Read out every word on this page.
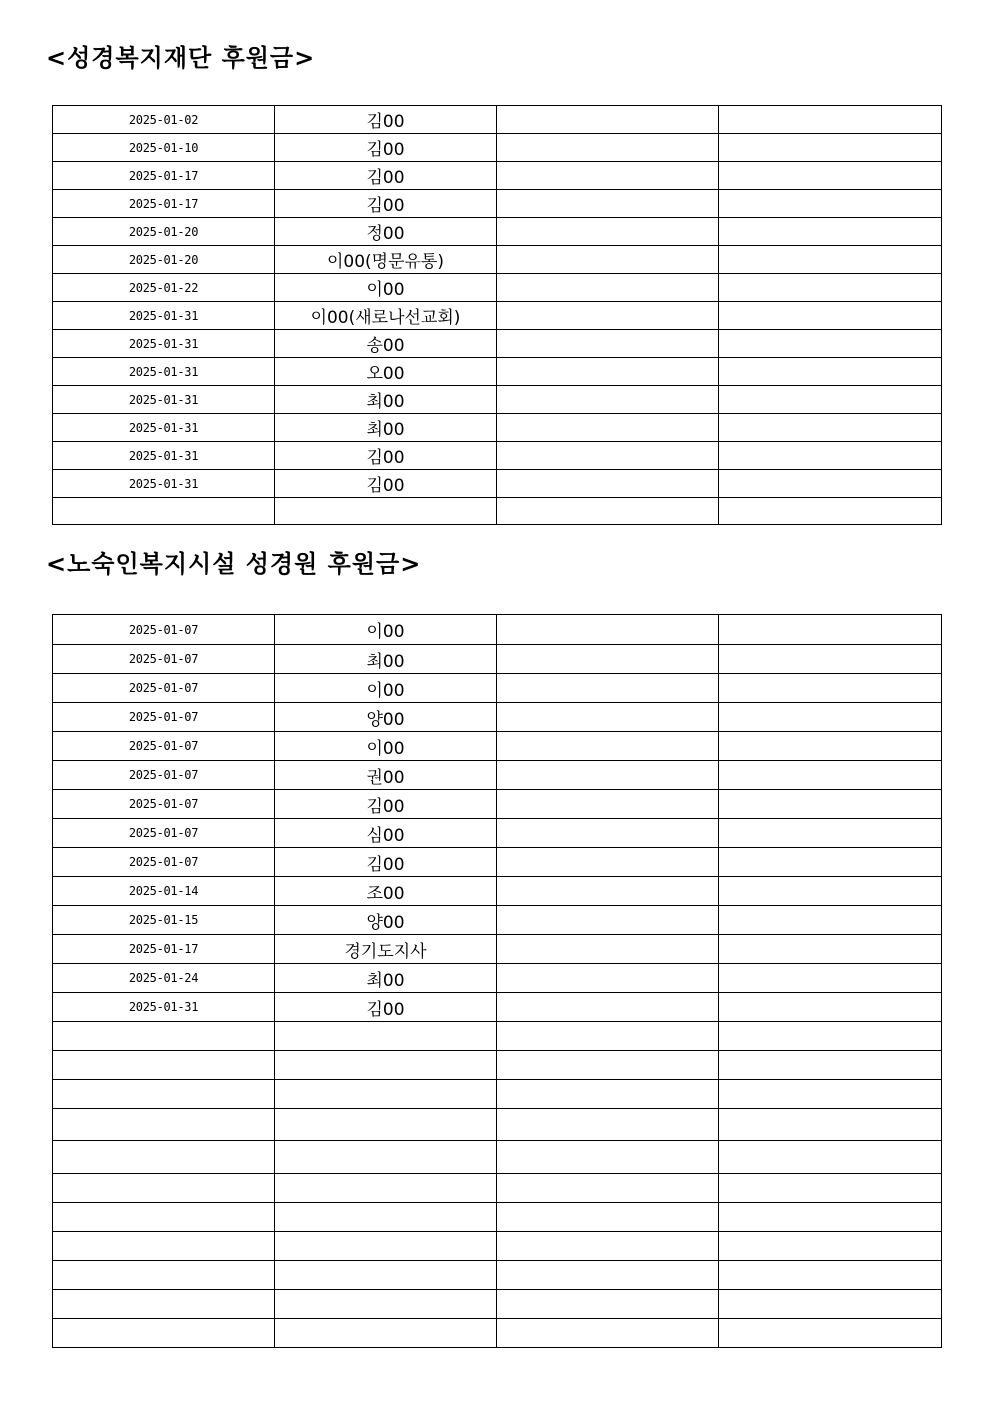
<성경복지재단 후원금>
2025-01-02	김00		
2025-01-10	김00		
2025-01-17	김00		
2025-01-17	김00		
2025-01-20	정00		
2025-01-20	이00(명문유통)		
2025-01-22	이00		
2025-01-31	이00(새로나선교회)		
2025-01-31	송00		
2025-01-31	오00		
2025-01-31	최00		
2025-01-31	최00		
2025-01-31	김00		
2025-01-31	김00		

<노숙인복지시설 성경원 후원금>
2025-01-07	이00		
2025-01-07	최00		
2025-01-07	이00		
2025-01-07	양00		
2025-01-07	이00		
2025-01-07	권00		
2025-01-07	김00		
2025-01-07	심00		
2025-01-07	김00		
2025-01-14	조00		
2025-01-15	양00		
2025-01-17	경기도지사		
2025-01-24	최00		
2025-01-31	김00		
